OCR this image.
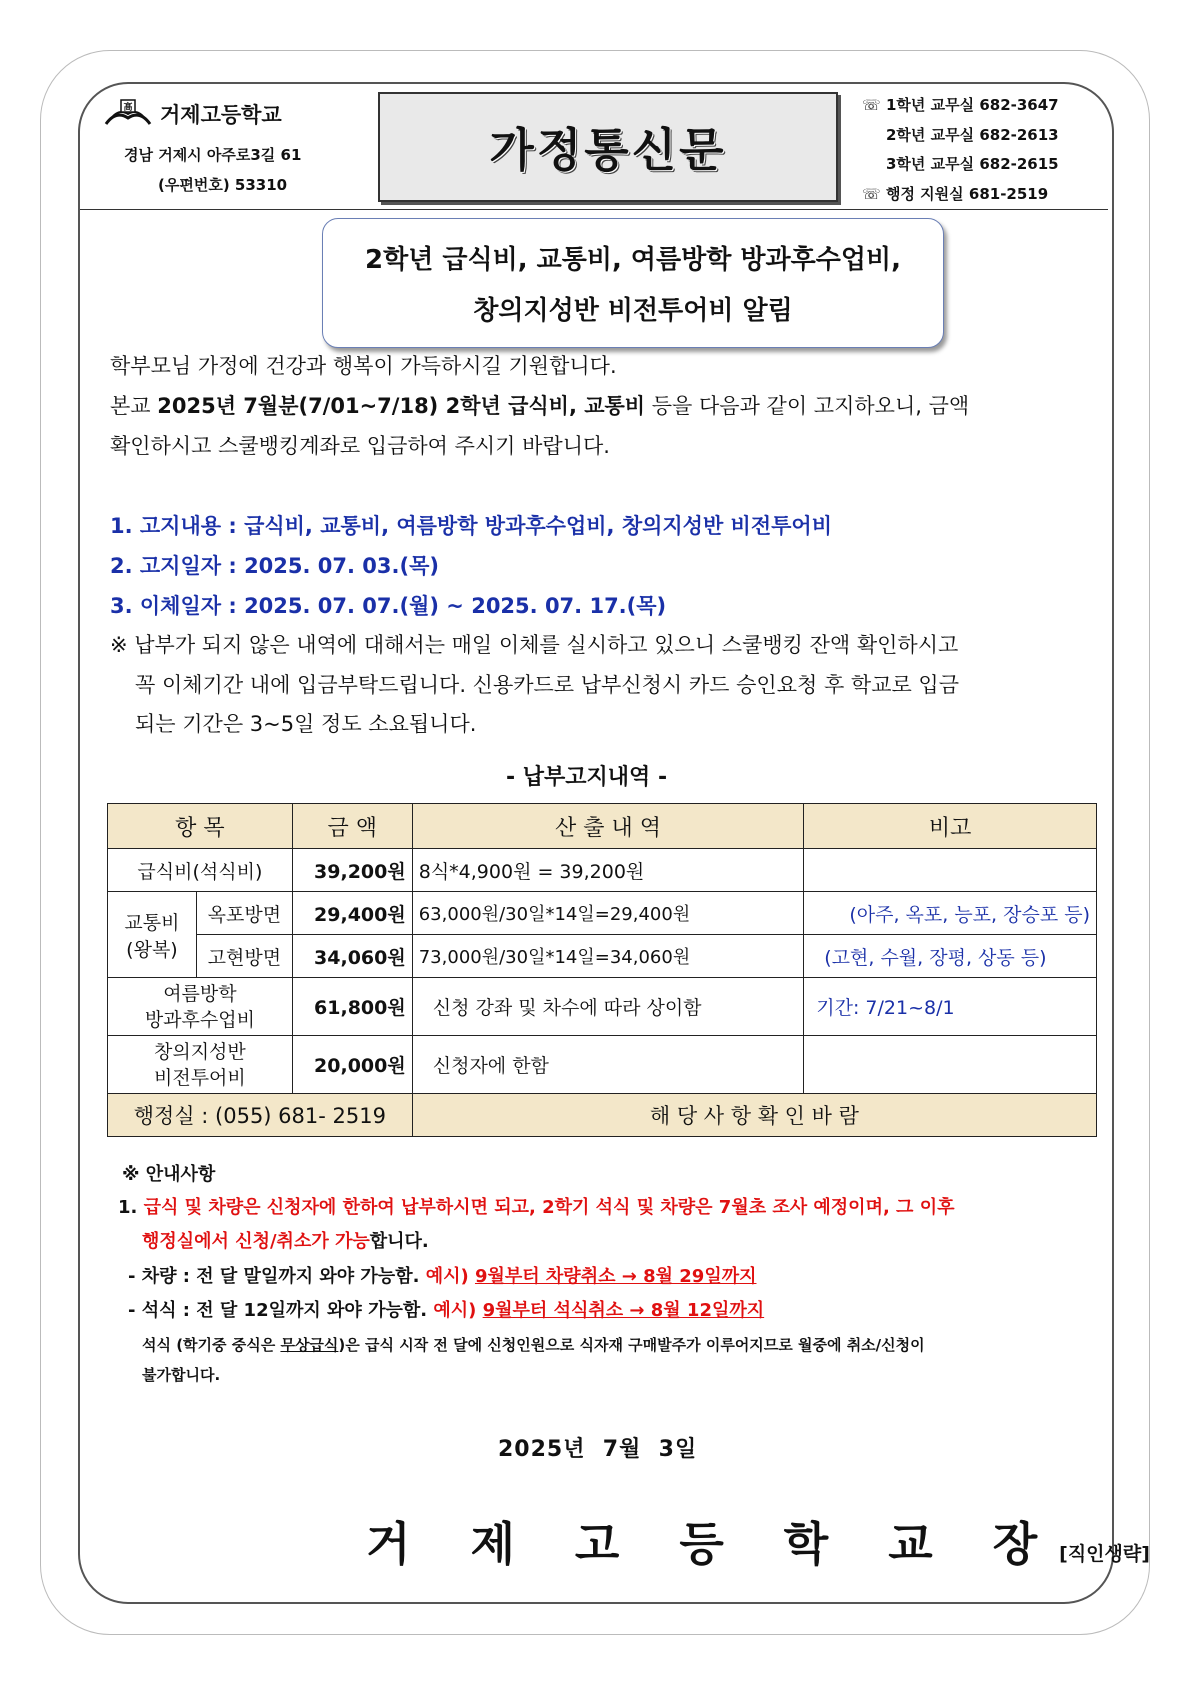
高 거제고등학교
경남 거제시 아주로3길 61
(우편번호) 53310
가정통신문
☏ 1학년 교무실 682-3647
2학년 교무실 682-2613
3학년 교무실 682-2615
☏ 행정 지원실 681-2519
2학년 급식비, 교통비, 여름방학 방과후수업비,
창의지성반 비전투어비 알림
학부모님 가정에 건강과 행복이 가득하시길 기원합니다.
본교 2025년 7월분(7/01~7/18) 2학년 급식비, 교통비 등을 다음과 같이 고지하오니, 금액
확인하시고 스쿨뱅킹계좌로 입금하여 주시기 바랍니다.
1. 고지내용 : 급식비, 교통비, 여름방학 방과후수업비, 창의지성반 비전투어비
2. 고지일자 : 2025. 07. 03.(목)
3. 이체일자 : 2025. 07. 07.(월) ~ 2025. 07. 17.(목)
※ 납부가 되지 않은 내역에 대해서는 매일 이체를 실시하고 있으니 스쿨뱅킹 잔액 확인하시고
꼭 이체기간 내에 입금부탁드립니다. 신용카드로 납부신청시 카드 승인요청 후 학교로 입금
되는 기간은 3~5일 정도 소요됩니다.
- 납부고지내역 -
항 목		금 액	산 출 내 역	비고
급식비(석식비)		39,200원	8식*4,900원 = 39,200원	

교통비
(왕복)	옥포방면	29,400원	63,000원/30일*14일=29,400원	(아주, 옥포, 능포, 장승포 등)
	고현방면	34,060원	73,000원/30일*14일=34,060원	(고현, 수월, 장평, 상동 등)

여름방학
방과후수업비		61,800원	신청 강좌 및 차수에 따라 상이함	기간: 7/21~8/1

창의지성반
비전투어비		20,000원	신청자에 한함	
행정실 : (055) 681- 2519			해 당 사 항 확 인 바 람	
※ 안내사항
1. 급식 및 차량은 신청자에 한하여 납부하시면 되고, 2학기 석식 및 차량은 7월초 조사 예정이며, 그 이후
행정실에서 신청/취소가 가능합니다.
- 차량 : 전 달 말일까지 와야 가능함. 예시) 9월부터 차량취소 → 8월 29일까지
- 석식 : 전 달 12일까지 와야 가능함. 예시) 9월부터 석식취소 → 8월 12일까지
석식 (학기중 중식은 무상급식)은 급식 시작 전 달에 신청인원으로 식자재 구매발주가 이루어지므로 월중에 취소/신청이
불가합니다.
2025년  7월  3일
거 제 고 등 학 교 장[직인생략]
